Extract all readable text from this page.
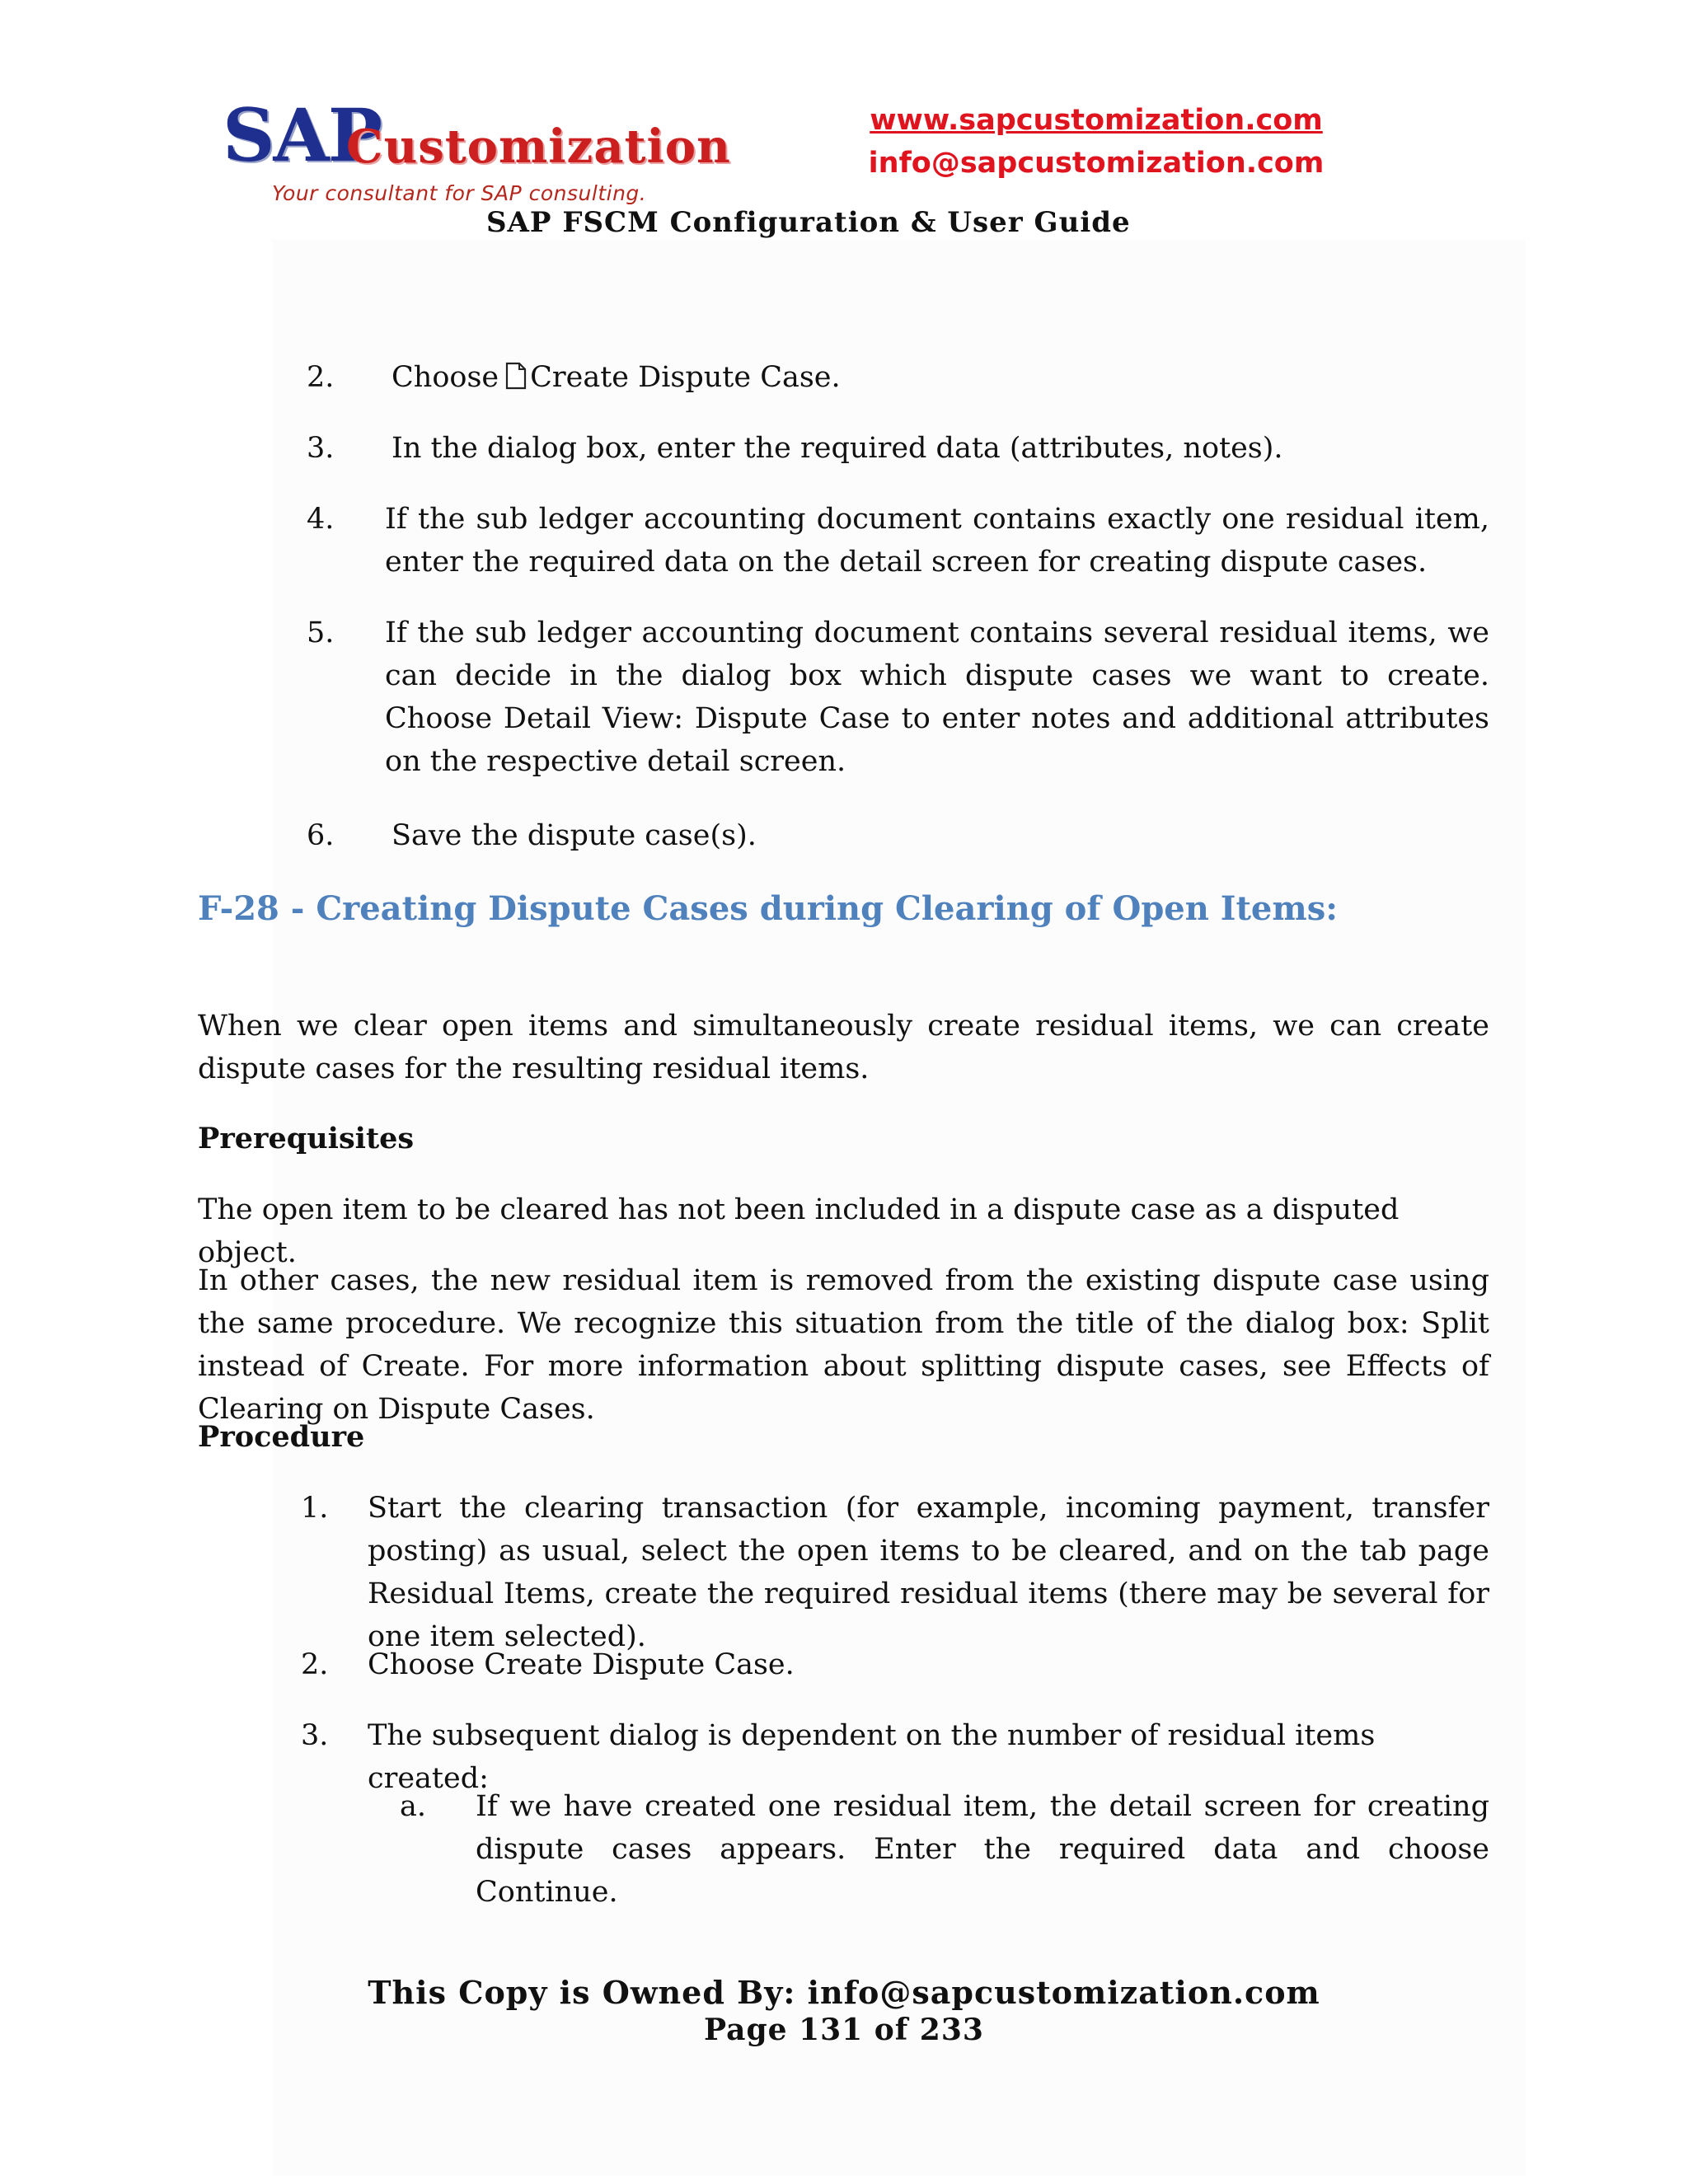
SAP
Customization
Your consultant for SAP consulting.
www.sapcustomization.com
info@sapcustomization.com
SAP FSCM Configuration & User Guide
2. Choose Create Dispute Case.
3. In the dialog box, enter the required data (attributes, notes).
4. If the sub ledger accounting document contains exactly one residual item, enter the required data on the detail screen for creating dispute cases.
5. If the sub ledger accounting document contains several residual items, we can decide in the dialog box which dispute cases we want to create. Choose Detail View: Dispute Case to enter notes and additional attributes on the respective detail screen.
6. Save the dispute case(s).
F-28 - Creating Dispute Cases during Clearing of Open Items:
When we clear open items and simultaneously create residual items, we can create dispute cases for the resulting residual items.
Prerequisites
The open item to be cleared has not been included in a dispute case as a disputed object.
In other cases, the new residual item is removed from the existing dispute case using the same procedure. We recognize this situation from the title of the dialog box: Split instead of Create. For more information about splitting dispute cases, see Effects of Clearing on Dispute Cases.
Procedure
1. Start the clearing transaction (for example, incoming payment, transfer posting) as usual, select the open items to be cleared, and on the tab page Residual Items, create the required residual items (there may be several for one item selected).
2. Choose Create Dispute Case.
3. The subsequent dialog is dependent on the number of residual items created:
a. If we have created one residual item, the detail screen for creating dispute cases appears. Enter the required data and choose Continue.
This Copy is Owned By: info@sapcustomization.com
Page 131 of 233
